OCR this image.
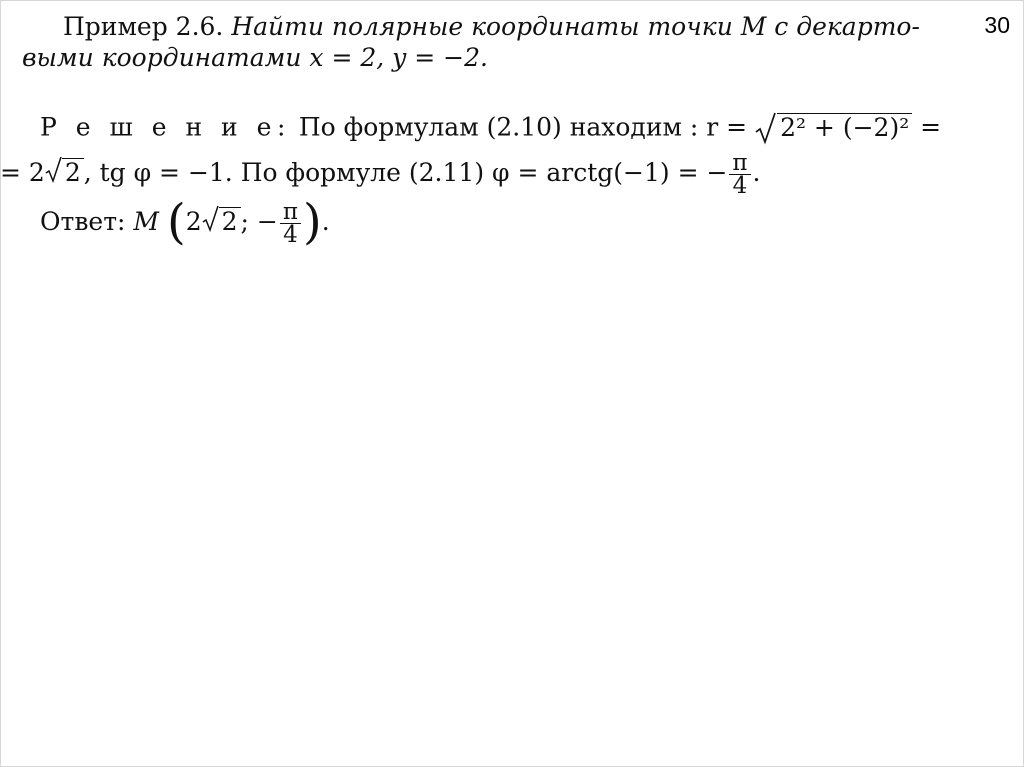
30
Пример 2.6. Найти полярные координаты точки M с декарто-
выми координатами x = 2, y = −2.
Р е ш е н и е: По формулам (2.10) находим : r = 2² + (−2)² =
= 2 2 , tg φ = −1. По формуле (2.11) φ = arctg(−1) = − $\frac{\pi}{4}$ .
Ответ: M (2 2 ; − $\frac{\pi}{4}$ ).
